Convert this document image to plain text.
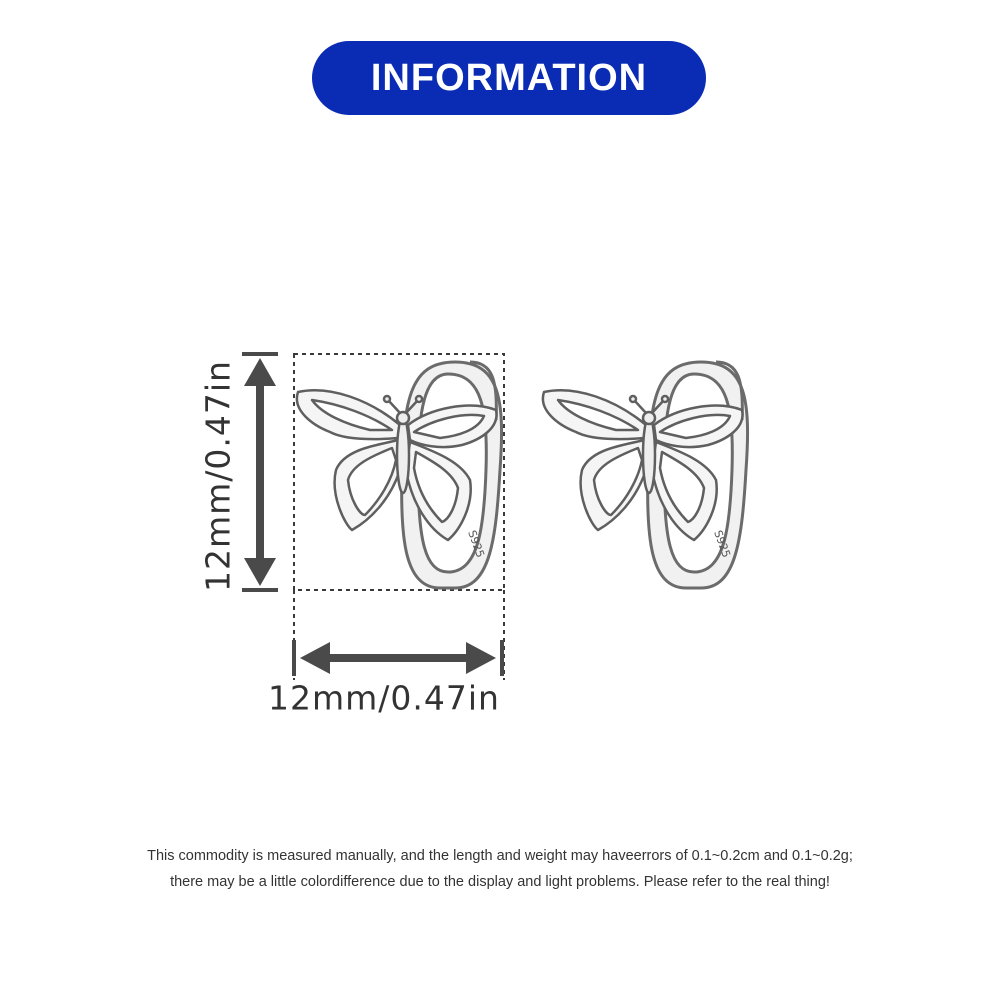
INFORMATION
S925	S925
12mm/0.47in
12mm/0.47in
This commodity is measured manually, and the length and weight may haveerrors of 0.1~0.2cm and 0.1~0.2g;
there may be a little colordifference due to the display and light problems. Please refer to the real thing!
